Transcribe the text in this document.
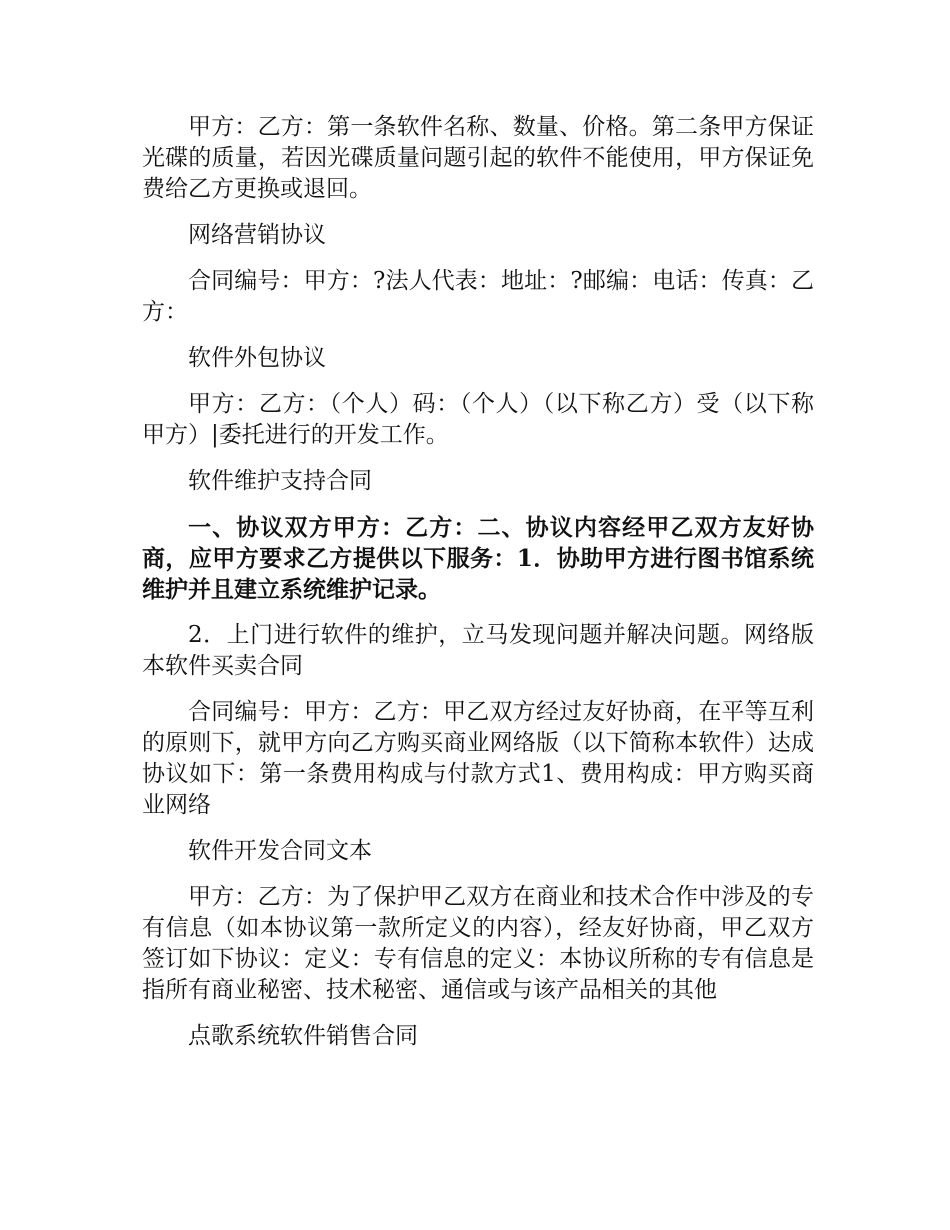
甲方：乙方：第一条软件名称、数量、价格。第二条甲方保证光碟的质量，若因光碟质量问题引起的软件不能使用，甲方保证免费给乙方更换或退回。

网络营销协议

合同编号：甲方：?法人代表：地址：?邮编：电话：传真：乙方：

软件外包协议

甲方：乙方：（个人）码：（个人）（以下称乙方）受（以下称甲方）|委托进行的开发工作。

软件维护支持合同

一、协议双方甲方：乙方：二、协议内容经甲乙双方友好协商，应甲方要求乙方提供以下服务：1．协助甲方进行图书馆系统维护并且建立系统维护记录。

2．上门进行软件的维护，立马发现问题并解决问题。网络版本软件买卖合同

合同编号：甲方：乙方：甲乙双方经过友好协商，在平等互利的原则下，就甲方向乙方购买商业网络版（以下简称本软件）达成协议如下：第一条费用构成与付款方式1、费用构成：甲方购买商业网络

软件开发合同文本

甲方：乙方：为了保护甲乙双方在商业和技术合作中涉及的专有信息（如本协议第一款所定义的内容），经友好协商，甲乙双方签订如下协议：定义：专有信息的定义：本协议所称的专有信息是指所有商业秘密、技术秘密、通信或与该产品相关的其他

点歌系统软件销售合同
